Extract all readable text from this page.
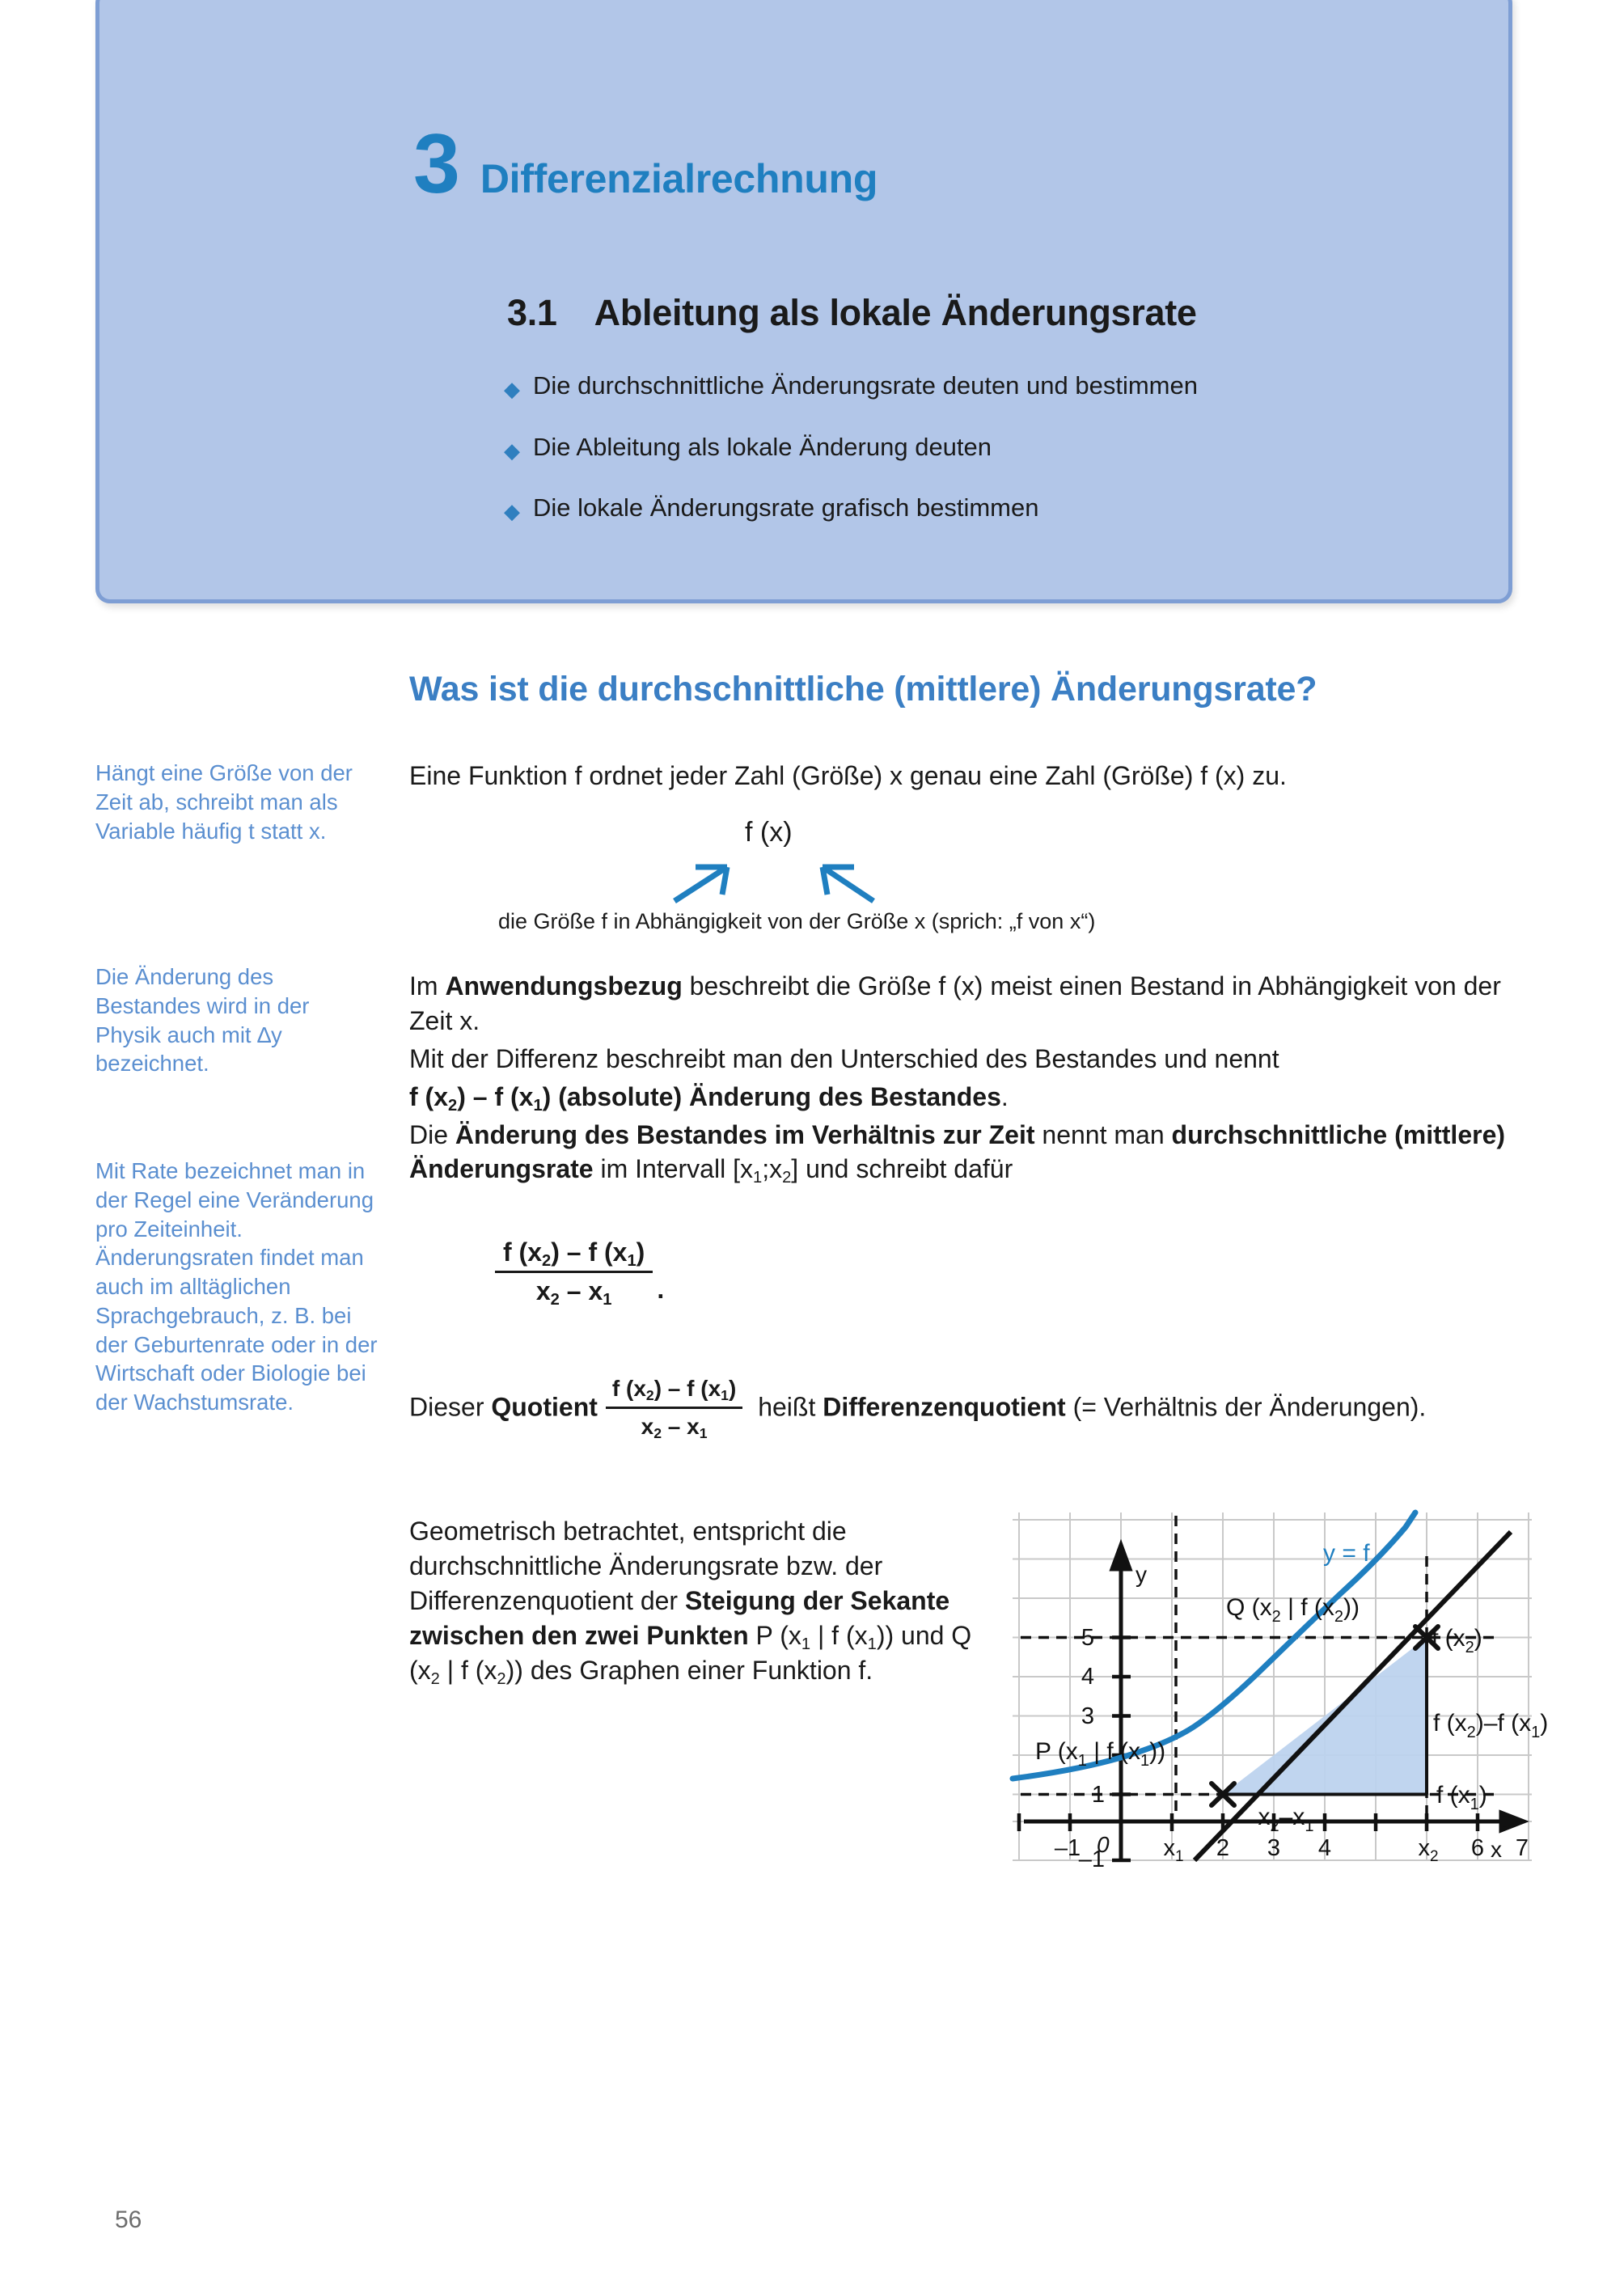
3 Differenzialrechnung
3.1 Ableitung als lokale Änderungsrate
◆ Die durchschnittliche Änderungsrate deuten und bestimmen
◆ Die Ableitung als lokale Änderung deuten
◆ Die lokale Änderungsrate grafisch bestimmen
Was ist die durchschnittliche (mittlere) Änderungsrate?
Hängt eine Größe von der Zeit ab, schreibt man als Variable häufig t statt x.
Die Änderung des Bestandes wird in der Physik auch mit ∆y bezeichnet.
Mit Rate bezeichnet man in der Regel eine Veränderung pro Zeiteinheit. Änderungsraten findet man auch im alltäglichen Sprachgebrauch, z. B. bei der Geburtenrate oder in der Wirtschaft oder Biologie bei der Wachstumsrate.
Eine Funktion f ordnet jeder Zahl (Größe) x genau eine Zahl (Größe) f (x) zu.
f (x)
die Größe f in Abhängigkeit von der Größe x (sprich: „f von x“)
Im Anwendungsbezug beschreibt die Größe f (x) meist einen Bestand in Abhängigkeit von der Zeit x.
Mit der Differenz beschreibt man den Unterschied des Bestandes und nennt
f $(x_2)$ – f $(x_1)$ (absolute) Änderung des Bestandes.
Die Änderung des Bestandes im Verhältnis zur Zeit nennt man durchschnittliche (mittlere) Änderungsrate im Intervall $[x_1;x_2]$ und schreibt dafür
$\frac{f (x_2) - f (x_1)}{x_2 - x_1}$ .
Dieser Quotient $\frac{f (x_2) - f (x_1)}{x_2 - x_1}$ heißt Differenzenquotient (= Verhältnis der Änderungen).
Geometrisch betrachtet, entspricht die durchschnittliche Änderungsrate bzw. der Differenzenquotient der Steigung der Sekante zwischen den zwei Punkten P ($x_1$ | f $(x_1)$) und Q ($x_2$ | f $(x_2)$) des Graphen einer Funktion f.
y
x
5
4
3
1
–1
0
–1	$x_1$ 2 3 4	$x_2$ 6 7
y = f
Q ($x_2$ | f $(x_2)$)
P ($x_1$ | f $(x_1)$)
f $(x_2)$
f $(x_1)$
f $(x_2)-f$ $(x_1)$
$x_2-x_1$
56
